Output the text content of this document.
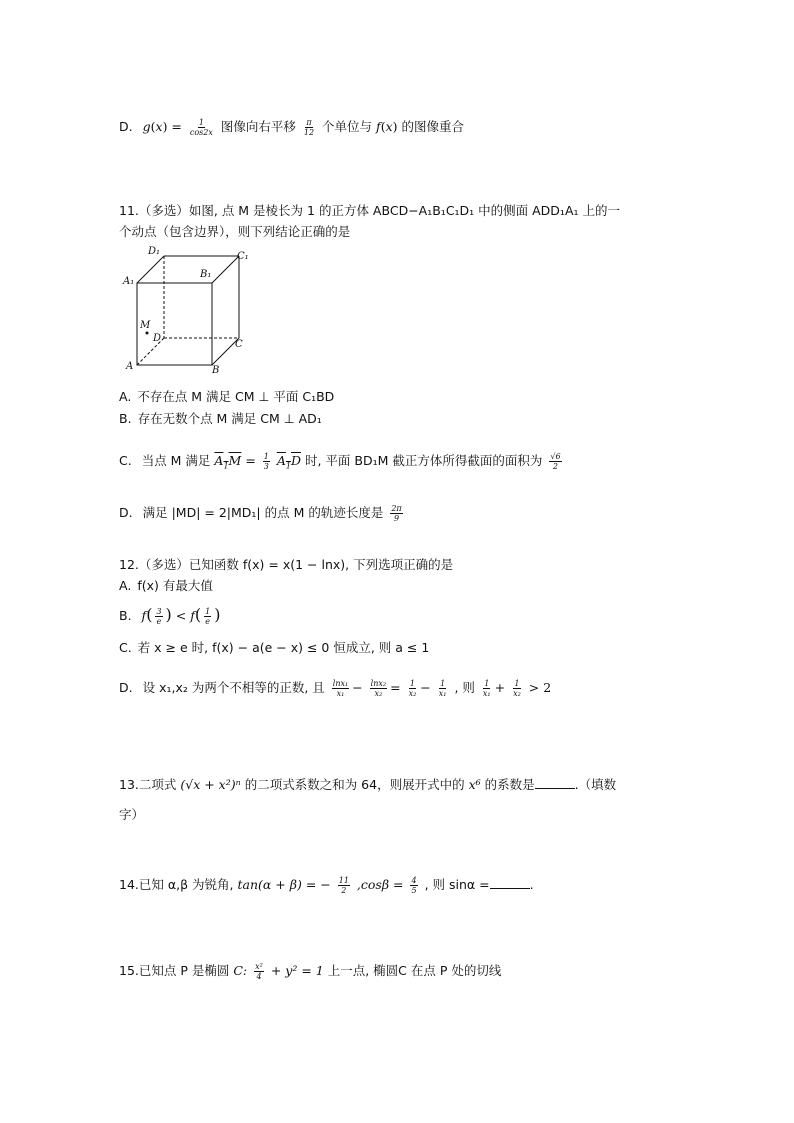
D. $g(x) = \frac{1}{\cos 2x}$ 图像向右平移 $\frac{\pi}{12}$ 个单位与 f(x) 的图像重合
11.（多选）如图, 点 M 是棱长为 1 的正方体 ABCD−A₁B₁C₁D₁ 中的侧面 ADD₁A₁ 上的一
个动点（包含边界），则下列结论正确的是
D₁	C₁
A₁
B₁
M
D
C
A	B
A. 不存在点 M 满足 CM ⊥ 平面 C₁BD
B. 存在无数个点 M 满足 CM ⊥ AD₁
C. 当点 M 满足 $A_1M = \frac{1}{3} A_1D$ 时, 平面 BD₁M 截正方体所得截面的面积为 $\frac{√6}{2}$
D. 满足 |MD| = 2|MD₁| 的点 M 的轨迹长度是 $\frac{2\pi}{9}$
12.（多选）已知函数 f(x) = x(1 − lnx), 下列选项正确的是
A. f(x) 有最大值
B. $f( \frac{3}{e}$ ) < $f( \frac{1}{e}$ )
C. 若 x ≥ e 时, f(x) − a(e − x) ≤ 0 恒成立, 则 a ≤ 1
D. 设 x₁,x₂ 为两个不相等的正数, 且 $\frac{\text{lnx₁}}{\text{x₁}} - \frac{\text{lnx₂}}{\text{x₂}} = \frac{1}{\text{x₂}} - \frac{1}{\text{x₁}}$ , 则 $\frac{1}{\text{x₁}} + \frac{1}{\text{x₂}} > 2$
13.二项式 (√x + x²)ⁿ 的二项式系数之和为 64，则展开式中的 x⁶ 的系数是	.（填数
字）
14.已知 α,β 为锐角, tan(α + β) = − $\frac{11}{2} ,\cos\beta = \frac{4}{5}$ , 则 sinα =	.
15.已知点 P 是椭圆 C: $\frac{\text{x²}}{4} + y^2 = 1$ 上一点, 椭圆C 在点 P 处的切线
